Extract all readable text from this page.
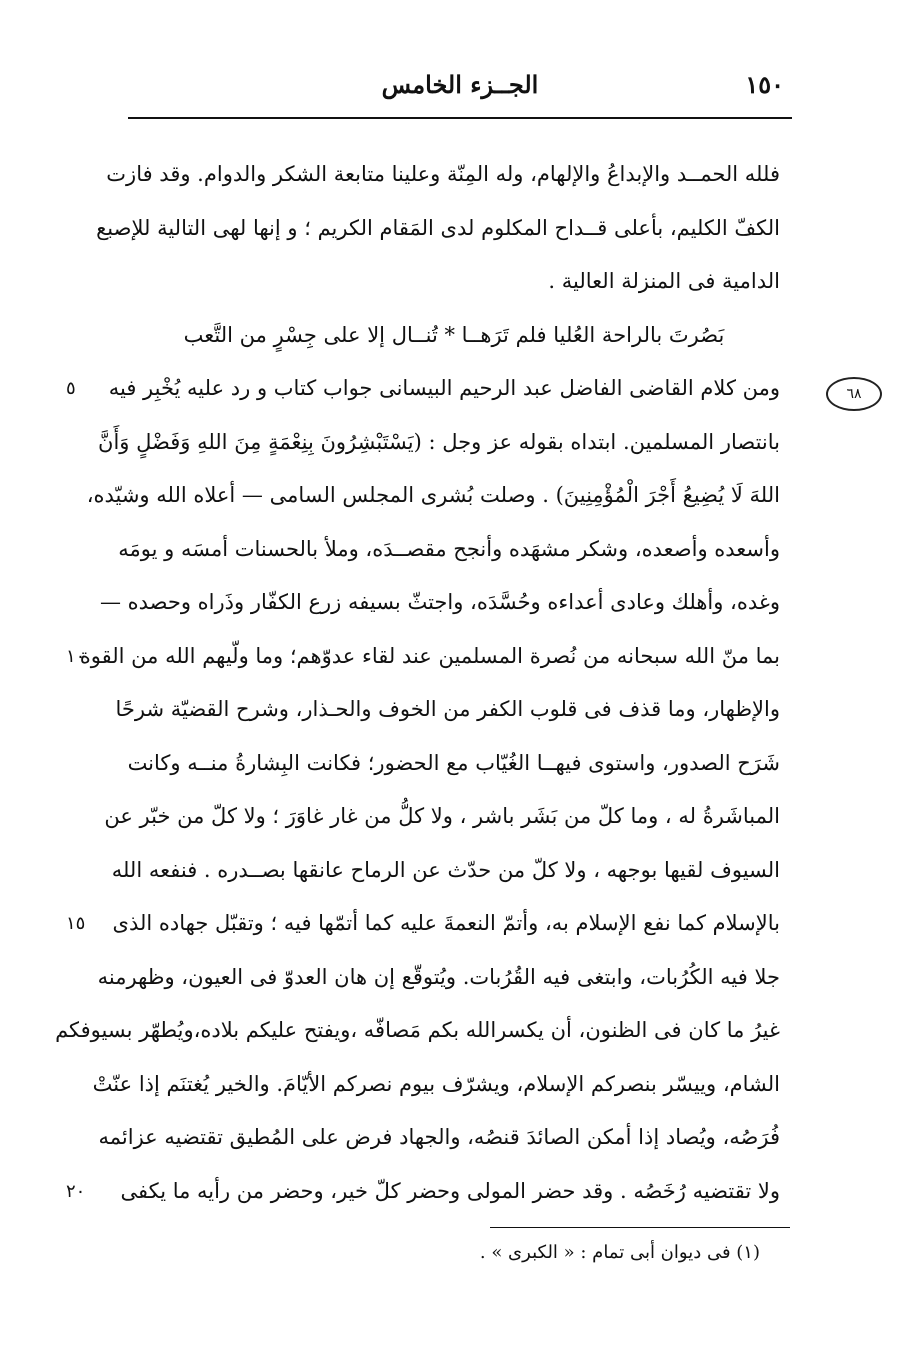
١٥٠
الجــزء الخامس
٦٨
فلله الحمــد والإبداعُ والإلهام، وله المِنّة وعلينا متابعة الشكر والدوام. وقد فازت
الكفّ الكليم، بأعلى قــداح المكلوم لدى المَقام الكريم ؛ و إنها لهى التالية للإصبع
الدامية فى المنزلة العالية .
بَصُرتَ بالراحة العُليا فلم تَرَهــا * تُنــال إلا على جِسْرٍ من التَّعب
ومن كلام القاضى الفاضل عبد الرحيم البيسانى جواب كتاب و رد عليه يُخْبِر فيه
٥
بانتصار المسلمين. ابتداه بقوله عز وجل : (يَسْتَبْشِرُونَ بِنِعْمَةٍ مِنَ اللهِ وَفَضْلٍ وَأَنَّ
اللهَ لَا يُضِيعُ أَجْرَ الْمُؤْمِنِينَ) . وصلت بُشرى المجلس السامى — أعلاه الله وشيّده،
وأسعده وأصعده، وشكر مشهَده وأنجح مقصــدَه، وملأ بالحسنات أمسَه و يومَه
وغده، وأهلك وعادى أعداءه وحُسَّدَه، واجتثّ بسيفه زرع الكفّار وذَراه وحصده —
بما منّ الله سبحانه من نُصرة المسلمين عند لقاء عدوّهم؛ وما ولّيهم الله من القوة
١٠
والإظهار، وما قذف فى قلوب الكفر من الخوف والحـذار، وشرح القضيّة شرحًا
شَرَح الصدور، واستوى فيهــا الغُيّاب مع الحضور؛ فكانت البِشارةُ منــه وكانت
المباشَرةُ له ، وما كلّ من بَشَر باشر ، ولا كلُّ من غار غاوَرَ ؛ ولا كلّ من خبّر عن
السيوف لقيها بوجهه ، ولا كلّ من حدّث عن الرماح عانقها بصــدره . فنفعه الله
بالإسلام كما نفع الإسلام به، وأتمّ النعمةَ عليه كما أتمّها فيه ؛ وتقبّل جهاده الذى
١٥
جلا فيه الكُرُبات، وابتغى فيه القُرُبات. ويُتوقّع إن هان العدوّ فى العيون، وظهرمنه
غيرُ ما كان فى الظنون، أن يكسرالله بكم مَصافّه ،ويفتح عليكم بلاده،ويُطهّر بسيوفكم
الشام، وييسّر بنصركم الإسلام، ويشرّف بيوم نصركم الأيّامَ. والخير يُغتنَم إذا عنّتْ
فُرَصُه، ويُصاد إذا أمكن الصائدَ قنصُه، والجهاد فرض على المُطيق تقتضيه عزائمه
ولا تقتضيه رُخَصُه . وقد حضر المولى وحضر كلّ خير، وحضر من رأيه ما يكفى
٢٠
(١) فى ديوان أبى تمام : « الكبرى » .
